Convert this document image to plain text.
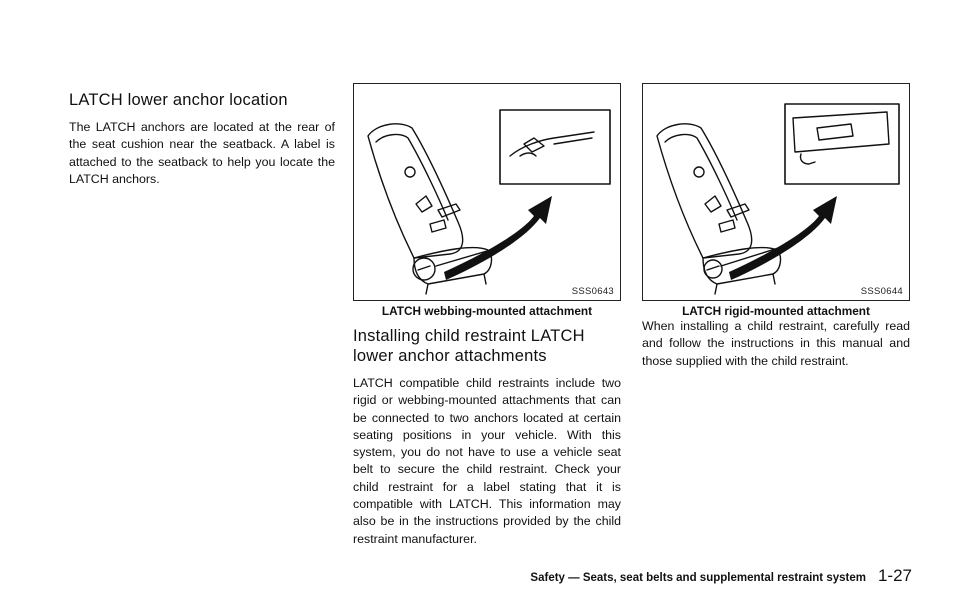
LATCH lower anchor location

The LATCH anchors are located at the rear of the seat cushion near the seatback. A label is attached to the seatback to help you locate the LATCH anchors.

SSS0643
LATCH webbing-mounted attachment
Installing child restraint LATCH lower anchor attachments

LATCH compatible child restraints include two rigid or webbing-mounted attachments that can be connected to two anchors located at certain seating positions in your vehicle. With this system, you do not have to use a vehicle seat belt to secure the child restraint. Check your child restraint for a label stating that it is compatible with LATCH. This information may also be in the instructions provided by the child restraint manufacturer.

SSS0644
LATCH rigid-mounted attachment

When installing a child restraint, carefully read and follow the instructions in this manual and those supplied with the child restraint.

Safety — Seats, seat belts and supplemental restraint system 1-27
